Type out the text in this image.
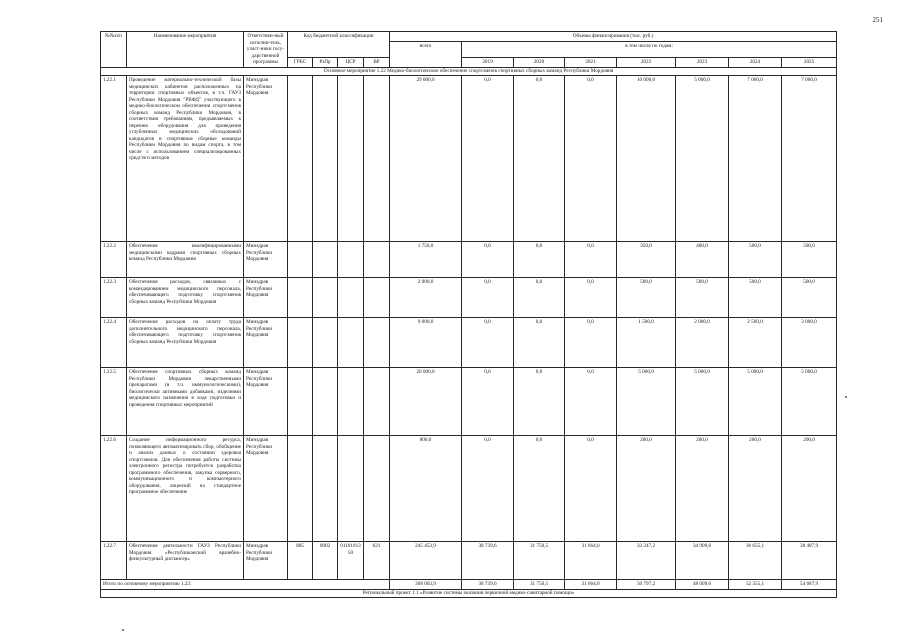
251
№№п/п	Наименование мероприятия	Ответствен-ный исполни-тель, участ-ники госу-дарственной программы	Код бюджетной классификации				Объемы финансирования (тыс. руб.)							
							всего	в том числе по годам:						
			ГРБС	РзПр	ЦСР	ВР		2019	2020	2021	2022	2023	2024	2025
Основное мероприятие 1.22 Медико-биологическое обеспечение спортсменов спортивных сборных команд Республики Мордовия														
1.22.1	Проведение материально-технической базы медицинских кабинетов расположенных на территории спортивных объектов, в т.ч. ГАУЗ Республики Мордовия "РВФД" участвующего в медико-биологическом обеспечении спортсменов сборных команд Республики Мордовия, в соответствии требованиям, предъявляемых к перечню оборудования для проведения углубленных медицинских обследований кандидатов в спортивные сборные команды Республики Мордовия по видам спорта, в том числе с использованием специализированных средств и методов	Минздрав Республики Мордовия					29 000,0	0,0	0,0	0,0	10 000,0	5 000,0	7 000,0	7 000,0
1.22.2	Обеспечение квалифицированными медицинскими кадрами спортивных сборных команд Республики Мордовия	Минздрав Республики Мордовия					1 750,0	0,0	0,0	0,0	350,0	400,0	500,0	500,0
1.22.3	Обеспечение расходов, связанных с командированием медицинского персонала, обеспечивающего подготовку спортсменов сборных команд Республики Мордовия	Минздрав Республики Мордовия					2 000,0	0,0	0,0	0,0	500,0	500,0	500,0	500,0
1.22.4	Обеспечение расходов на оплату труда дополнительного медицинского персонала, обеспечивающего подготовку спортсменов сборных команд Республики Мордовия	Минздрав Республики Мордовия					9 000,0	0,0	0,0	0,0	1 500,0	2 000,0	2 500,0	3 000,0
1.22.5	Обеспечение спортивных сборных команд Республики Мордовия лекарственными препаратами (в т.ч. иммунологическими), биологически активными добавками, изделиями медицинского назначения в ходе подготовки и проведения спортивных мероприятий	Минздрав Республики Мордовия					20 000,0	0,0	0,0	0,0	5 000,0	5 000,0	5 000,0	5 000,0
1.22.6	Создание информационного ресурса, позволяющего автоматизировать сбор, обобщение и анализ данных о состоянии здоровья спортсменов. Для обеспечения работы системы электронного регистра потребуется разработка программного обеспечения, закупка серверного, коммуникационного и компьютерного оборудования, лицензий на стандартное программное обеспечение	Минздрав Республики Мордовия					800,0	0,0	0,0	0,0	200,0	200,0	200,0	200,0
1.22.7	Обеспечение деятельности ГАУЗ Республики Мордовия «Республиканский врачебно-физкультурный диспансер»	Минздрав Республики Мордовия	805	0902	01101813 50	621	245 453,9	38 739,6	31 750,5	31 664,0	33 247,2	34 909,6	36 655,1	38 487,9
Итого по основному мероприятию 1.22:							308 003,9	38 739,6	31 750,5	31 664,0	50 797,2	48 009,6	52 355,1	54 687,9
Региональный проект 1.1 «Развитие системы оказания первичной медико-санитарной помощи»														
